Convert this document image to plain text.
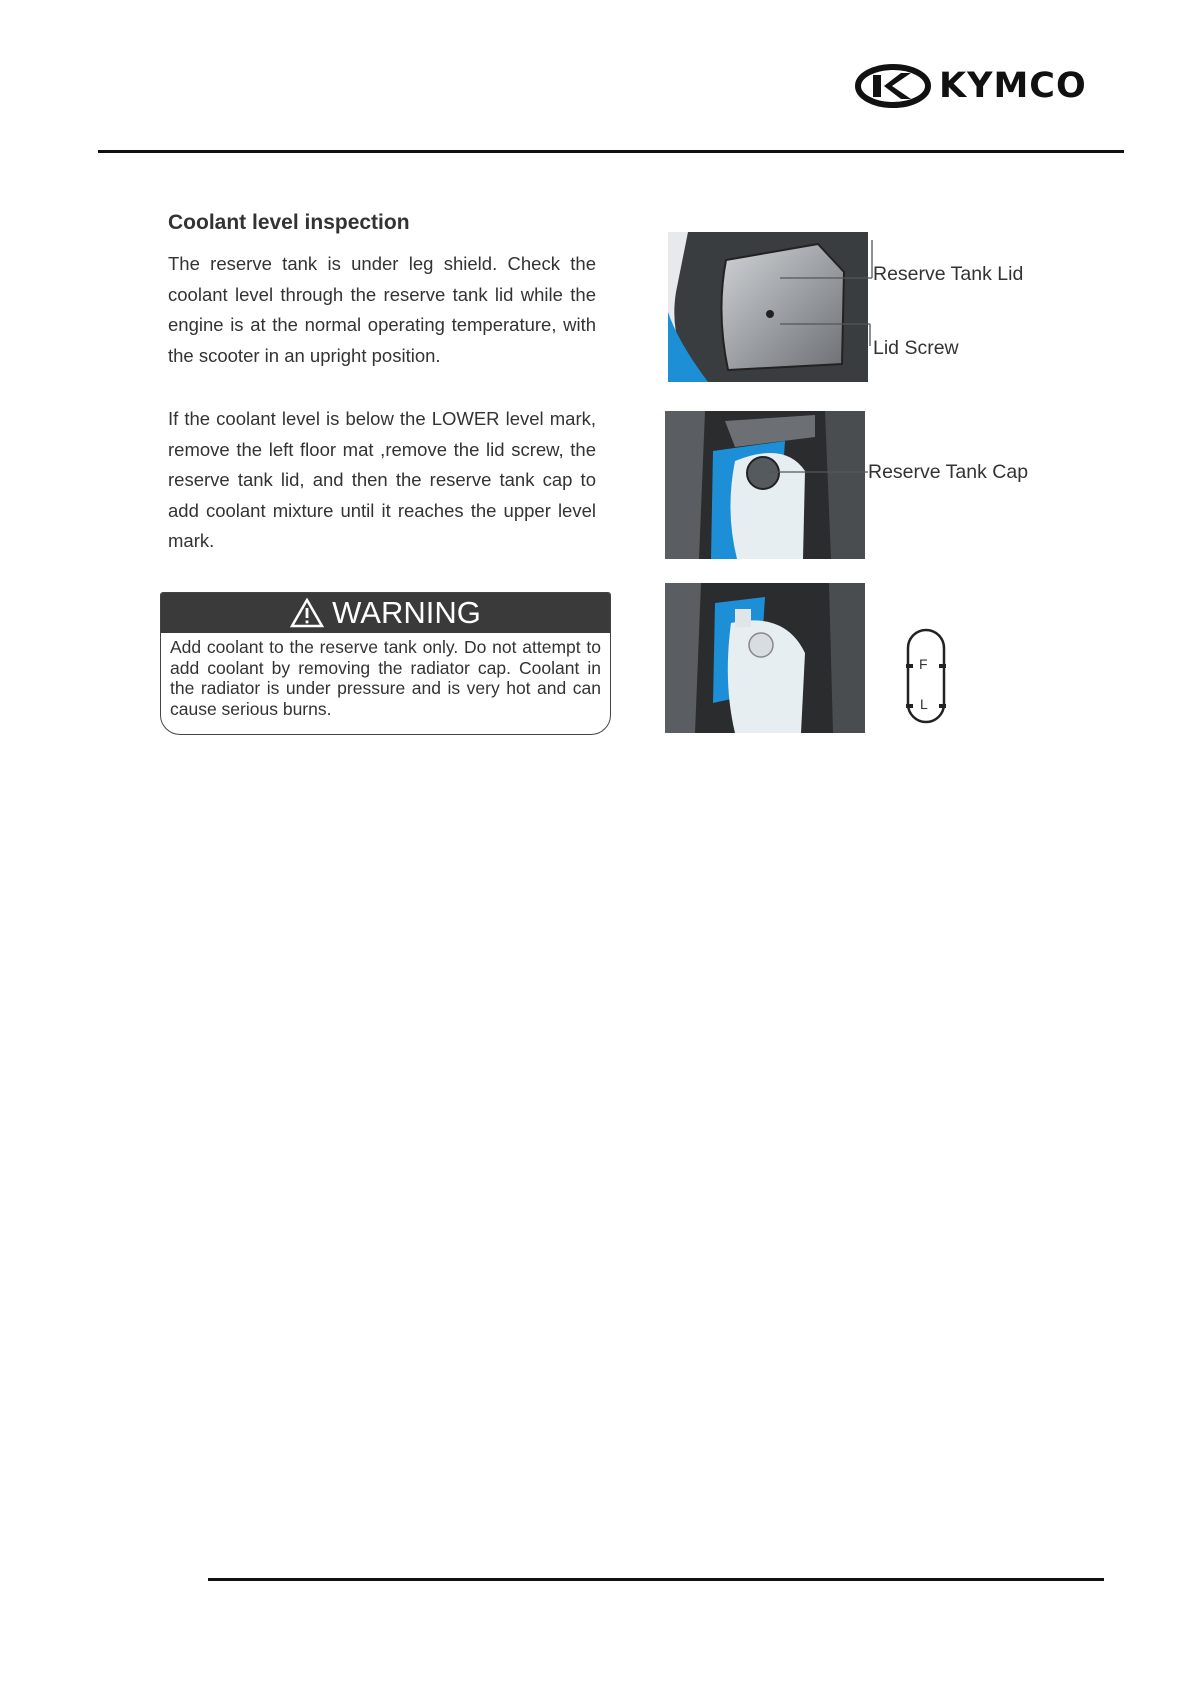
KYMCO
Coolant level inspection

The reserve tank is under leg shield. Check the coolant level through the reserve tank lid while the engine is at the normal operating temperature, with the scooter in an upright position.

If the coolant level is below the LOWER level mark, remove the left floor mat ,remove the lid screw, the reserve tank lid, and then the reserve tank cap to add coolant mixture until it reaches the upper level mark.

WARNING
Add coolant to the reserve tank only. Do not attempt to add coolant by removing the radiator cap. Coolant in the radiator is under pressure and is very hot and can cause serious burns.
Reserve Tank Lid
Lid Screw
Reserve Tank Cap
F
L
